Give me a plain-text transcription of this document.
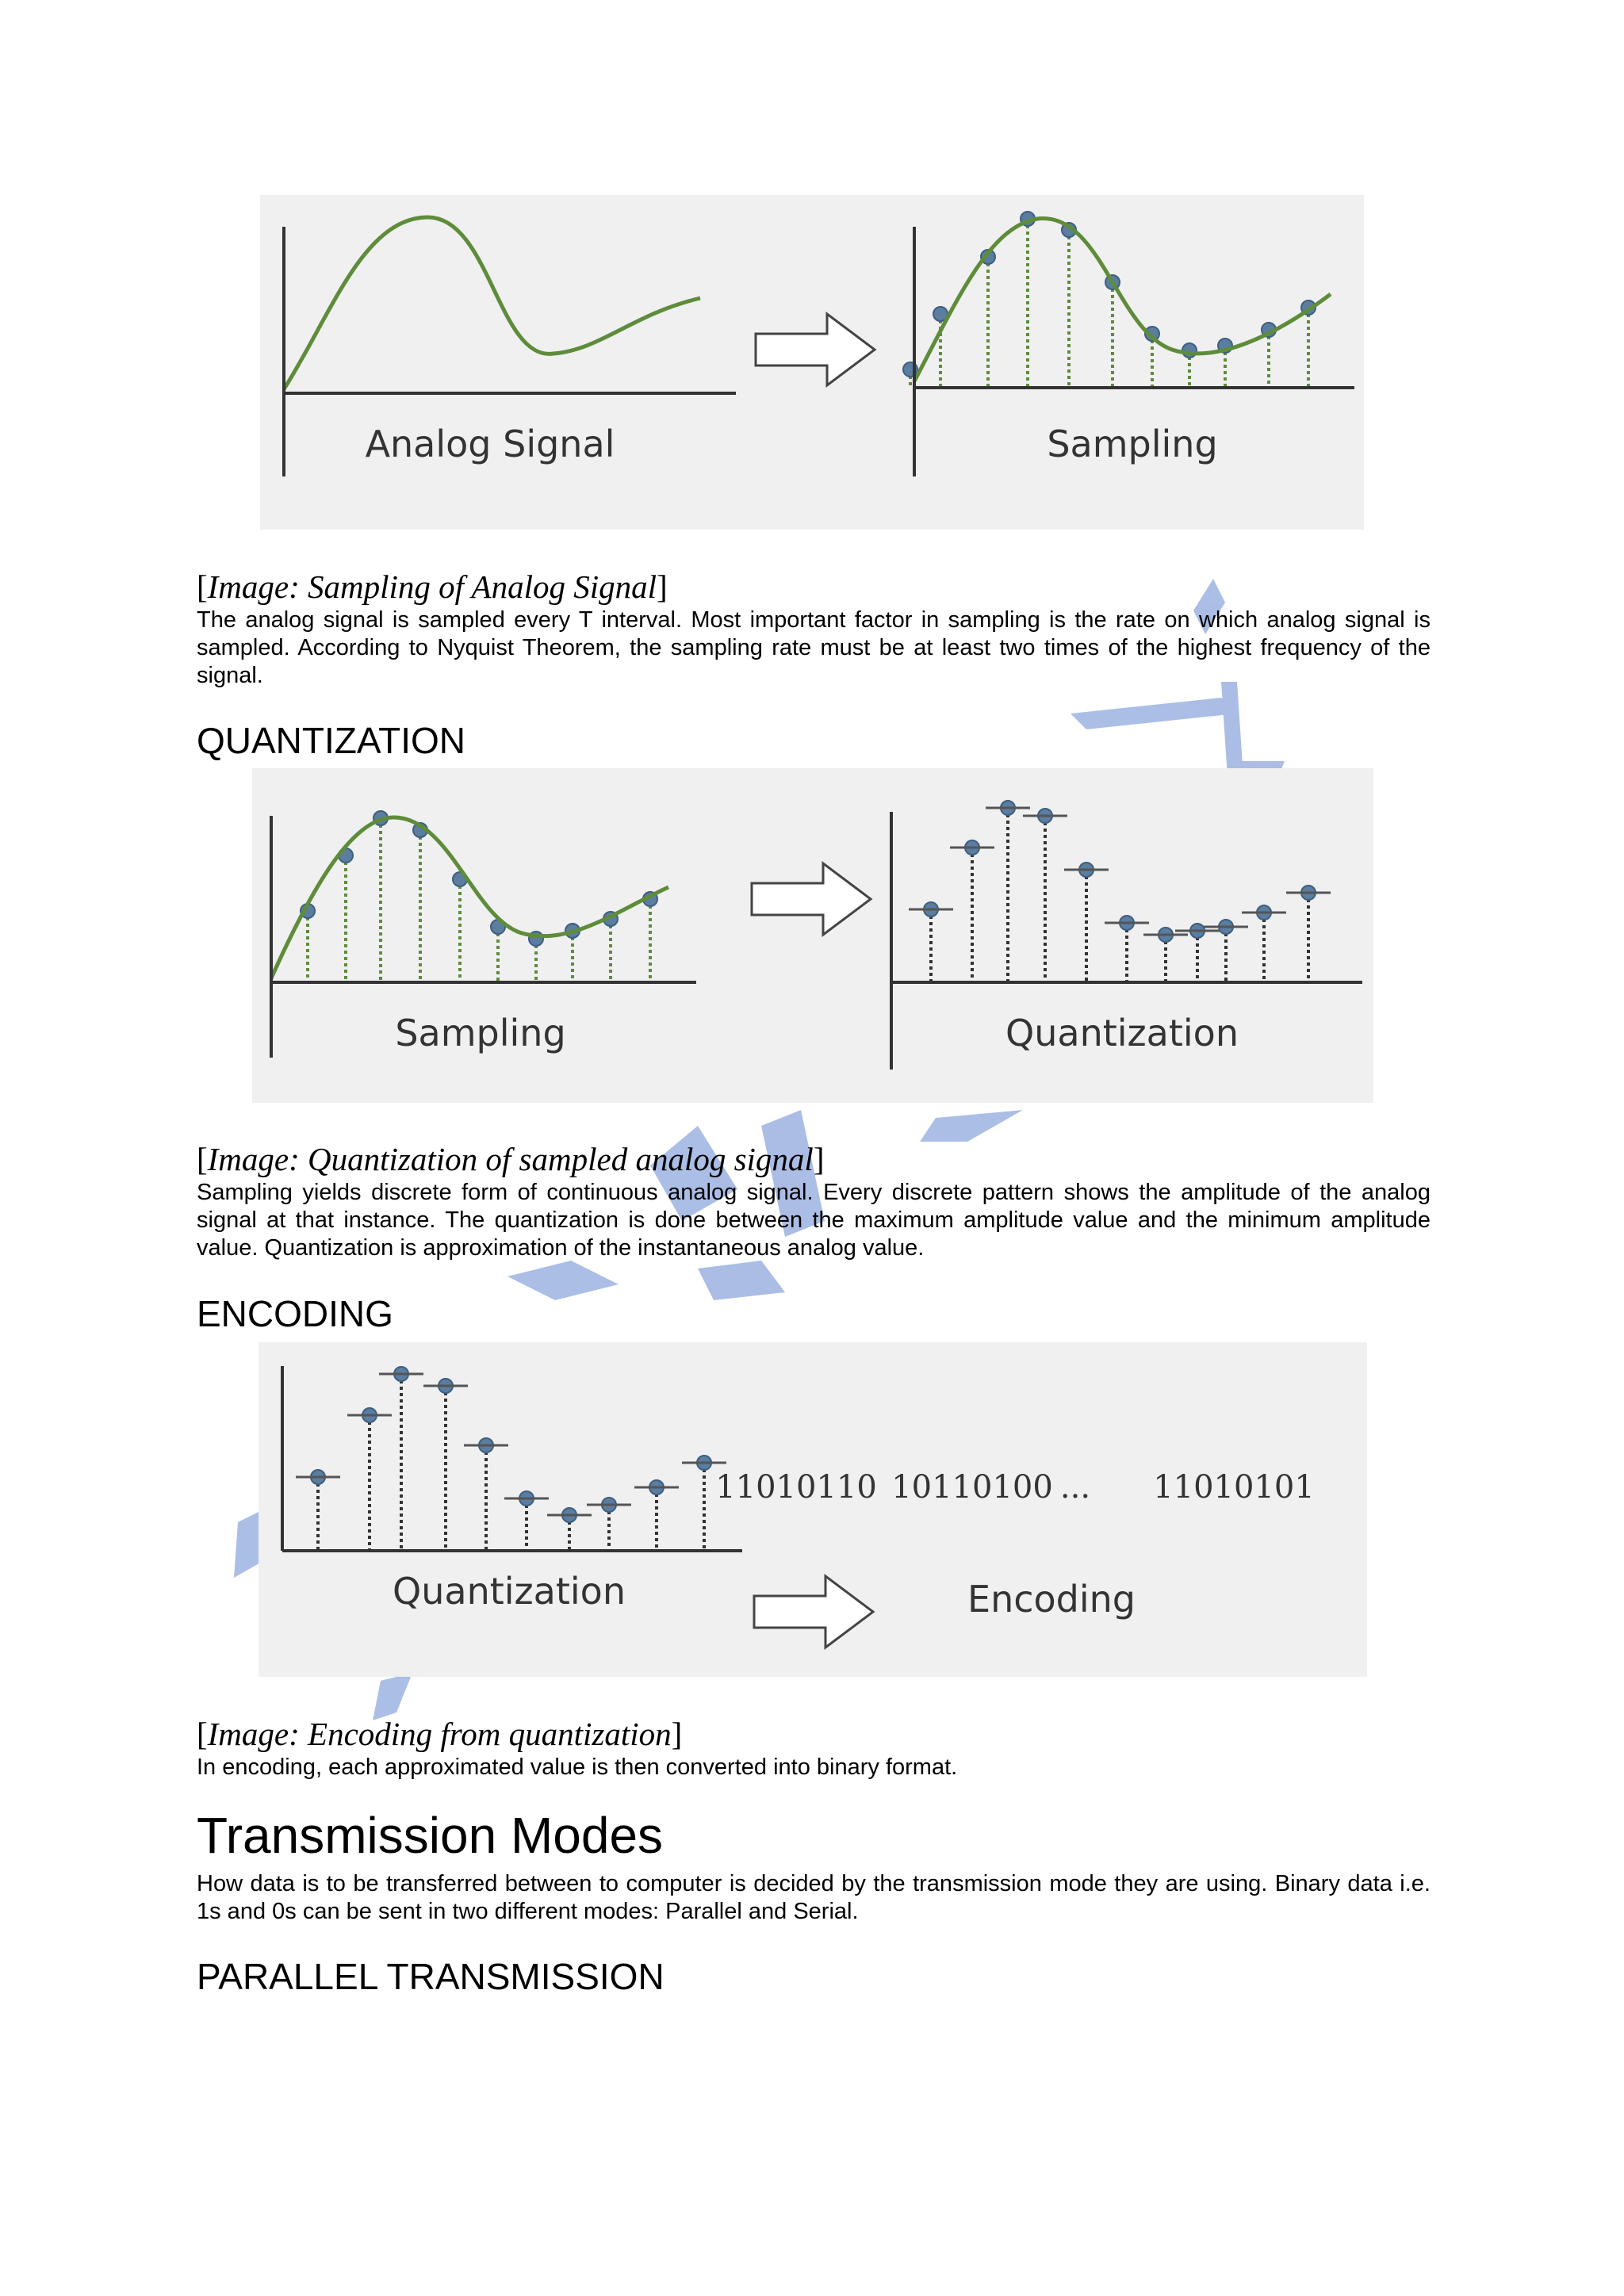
Analog Signal	Sampling
[Image: Sampling of Analog Signal]
The analog signal is sampled every T interval. Most important factor in sampling is the rate on which analog signal is sampled. According to Nyquist Theorem, the sampling rate must be at least two times of the highest frequency of the signal.
QUANTIZATION
Sampling	Quantization
[Image: Quantization of sampled analog signal]
Sampling yields discrete form of continuous analog signal. Every discrete pattern shows the amplitude of the analog signal at that instance. The quantization is done between the maximum amplitude value and the minimum amplitude value. Quantization is approximation of the instantaneous analog value.
ENCODING
Quantization	Encoding
11010110 10110100 ... 11010101
[Image: Encoding from quantization]
In encoding, each approximated value is then converted into binary format.
Transmission Modes
How data is to be transferred between to computer is decided by the transmission mode they are using. Binary data i.e. 1s and 0s can be sent in two different modes: Parallel and Serial.
PARALLEL TRANSMISSION
